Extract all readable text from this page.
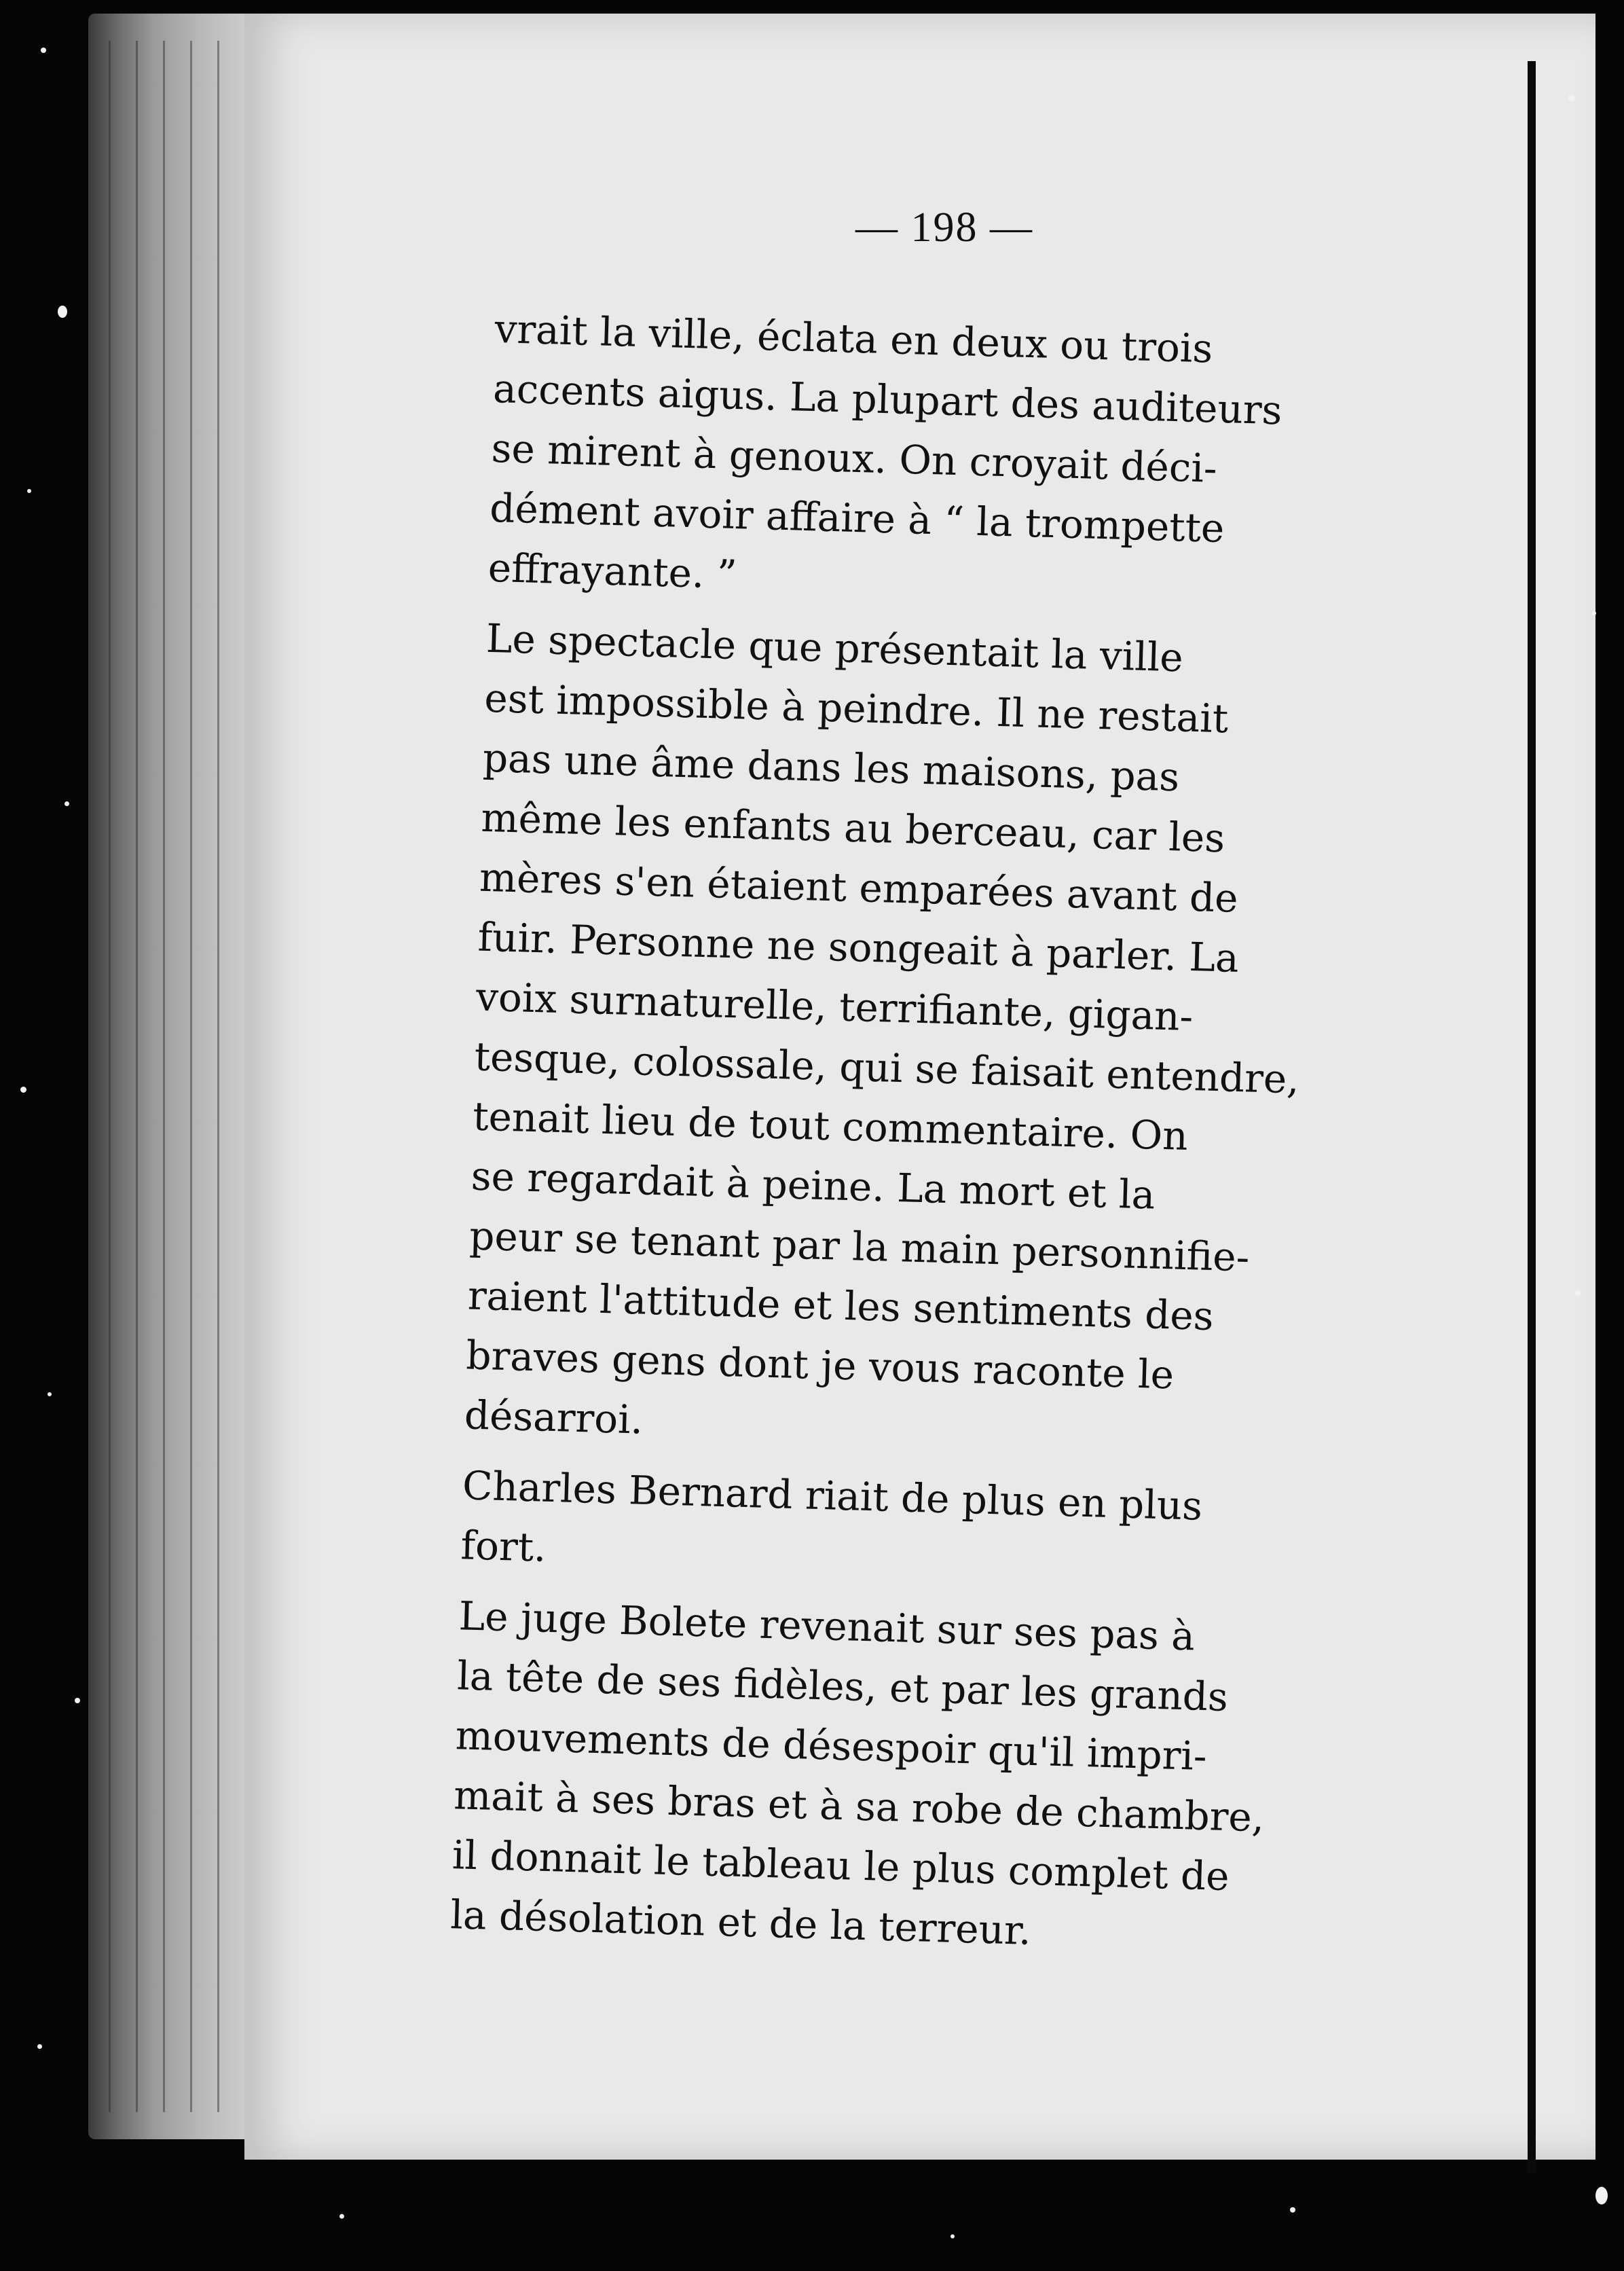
— 198 —

vrait la ville, éclata en deux ou trois
accents aigus. La plupart des auditeurs
se mirent à genoux. On croyait déci-
dément avoir affaire à “ la trompette
effrayante. ”

Le spectacle que présentait la ville
est impossible à peindre. Il ne restait
pas une âme dans les maisons, pas
même les enfants au berceau, car les
mères s'en étaient emparées avant de
fuir. Personne ne songeait à parler. La
voix surnaturelle, terrifiante, gigan-
tesque, colossale, qui se faisait entendre,
tenait lieu de tout commentaire. On
se regardait à peine. La mort et la
peur se tenant par la main personnifie-
raient l'attitude et les sentiments des
braves gens dont je vous raconte le
désarroi.

Charles Bernard riait de plus en plus
fort.

Le juge Bolete revenait sur ses pas à
la tête de ses fidèles, et par les grands
mouvements de désespoir qu'il impri-
mait à ses bras et à sa robe de chambre,
il donnait le tableau le plus complet de
la désolation et de la terreur.
